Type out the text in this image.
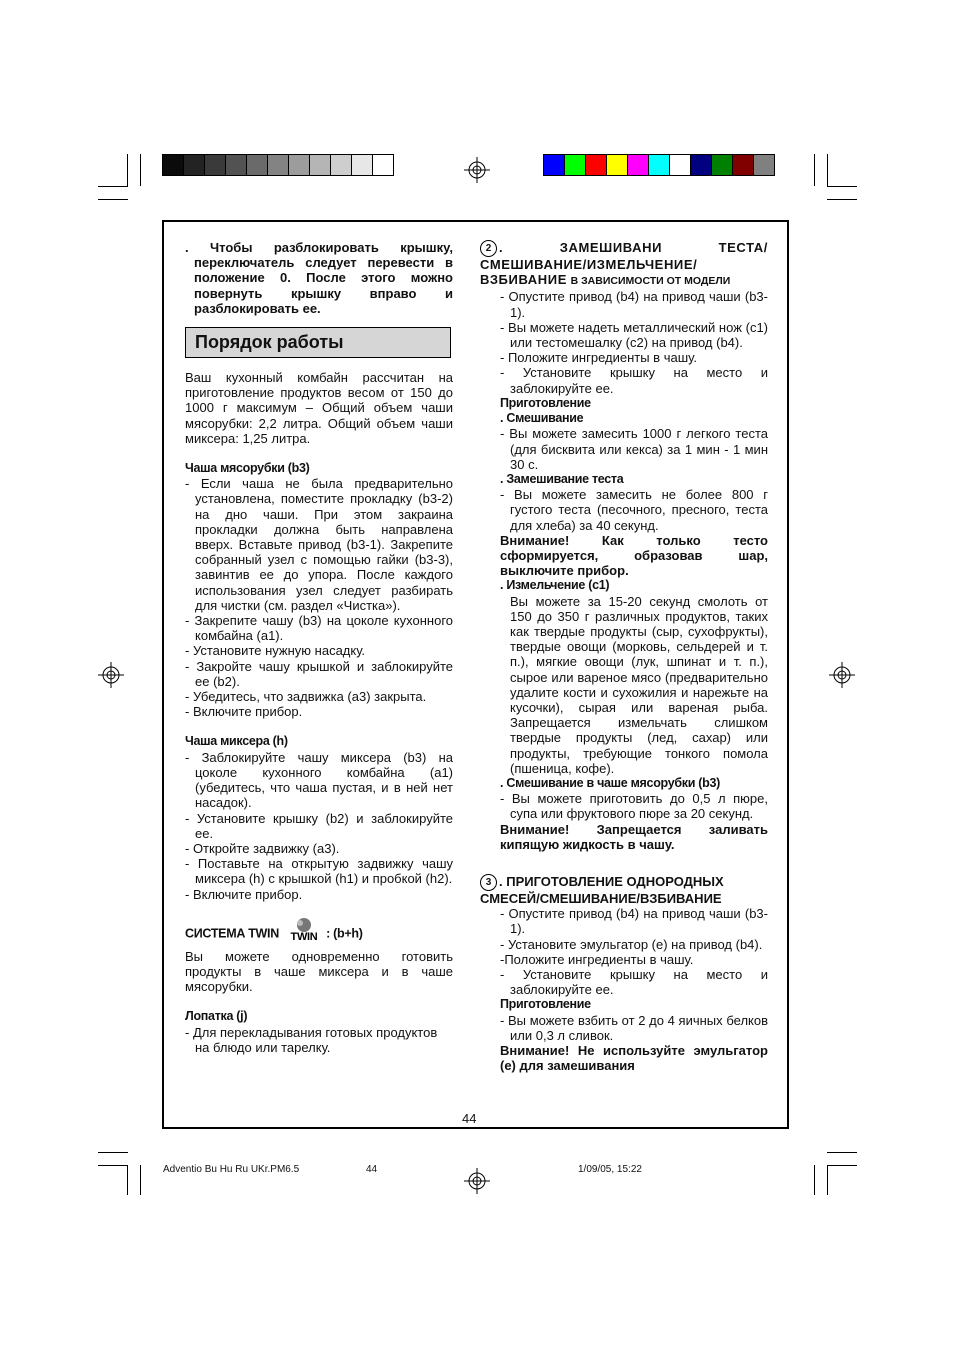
. Чтобы разблокировать крышку, переключатель следует перевести в положение 0. После этого можно повернуть крышку вправо и разблокировать ее.

Порядок работы

Ваш кухонный комбайн рассчитан на приготовление продуктов весом от 150 до 1000 г максимум – Общий объем чаши мясорубки: 2,2 литра. Общий объем чаши миксера: 1,25 литра.

Чаша мясорубки (b3)

- Если чаша не была предварительно установлена, поместите прокладку (b3-2) на дно чаши. При этом закраина прокладки должна быть направлена вверх. Вставьте привод (b3-1). Закрепите собранный узел с помощью гайки (b3-3), завинтив ее до упора. После каждого использования узел следует разбирать для чистки (см. раздел «Чистка»).

- Закрепите чашу (b3) на цоколе кухонного комбайна (a1).

- Установите нужную насадку.

- Закройте чашу крышкой и заблокируйте ее (b2).

- Убедитесь, что задвижка (a3) закрыта.

- Включите прибор.

Чаша миксера (h)

- Заблокируйте чашу миксера (b3) на цоколе кухонного комбайна (a1) (убедитесь, что чаша пустая, и в ней нет насадок).

- Установите крышку (b2) и заблокируйте ее.

- Откройте задвижку (a3).

- Поставьте на открытую задвижку чашу миксера (h) с крышкой (h1) и пробкой (h2).

- Включите прибор.

СИСТЕМА TWIN TWIN : (b+h)

Вы можете одновременно готовить продукты в чаше миксера и в чаше мясорубки.

Лопатка (j)

- Для перекладывания готовых продуктов на блюдо или тарелку.

2 . ЗАМЕШИВАНИ ТЕСТА/ СМЕШИВАНИЕ/ИЗМЕЛЬЧЕНИЕ/ ВЗБИВАНИЕ В ЗАВИСИМОСТИ ОТ МОДЕЛИ

- Опустите привод (b4) на привод чаши (b3-1).

- Вы можете надеть металлический нож (c1) или тестомешалку (c2) на привод (b4).

- Положите ингредиенты в чашу.

- Установите крышку на место и заблокируйте ее.

Приготовление

. Смешивание

- Вы можете замесить 1000 г легкого теста (для бисквита или кекса) за 1 мин - 1 мин 30 с.

. Замешивание теста

- Вы можете замесить не более 800 г густого теста (песочного, пресного, теста для хлеба) за 40 секунд.

Внимание! Как только тесто сформируется, образовав шар, выключите прибор.

. Измельчение (c1)

Вы можете за 15-20 секунд смолоть от 150 до 350 г различных продуктов, таких как твердые продукты (сыр, сухофрукты), твердые овощи (морковь, сельдерей и т. п.), мягкие овощи (лук, шпинат и т. п.), сырое или вареное мясо (предварительно удалите кости и сухожилия и нарежьте на кусочки), сырая или вареная рыба. Запрещается измельчать слишком твердые продукты (лед, сахар) или продукты, требующие тонкого помола (пшеница, кофе).

. Смешивание в чаше мясорубки (b3)

- Вы можете приготовить до 0,5 л пюре, супа или фруктового пюре за 20 секунд.

Внимание! Запрещается заливать кипящую жидкость в чашу.

3 . ПРИГОТОВЛЕНИЕ ОДНОРОДНЫХ СМЕСЕЙ/СМЕШИВАНИЕ/ВЗБИВАНИЕ

- Опустите привод (b4) на привод чаши (b3-1).

- Установите эмульгатор (e) на привод (b4).

-Положите ингредиенты в чашу.

- Установите крышку на место и заблокируйте ее.

Приготовление

- Вы можете взбить от 2 до 4 яичных белков или 0,3 л сливок.

Внимание! Не используйте эмульгатор (e) для замешивания

44
Adventio Bu Hu Ru UKr.PM6.5	44	1/09/05, 15:22
